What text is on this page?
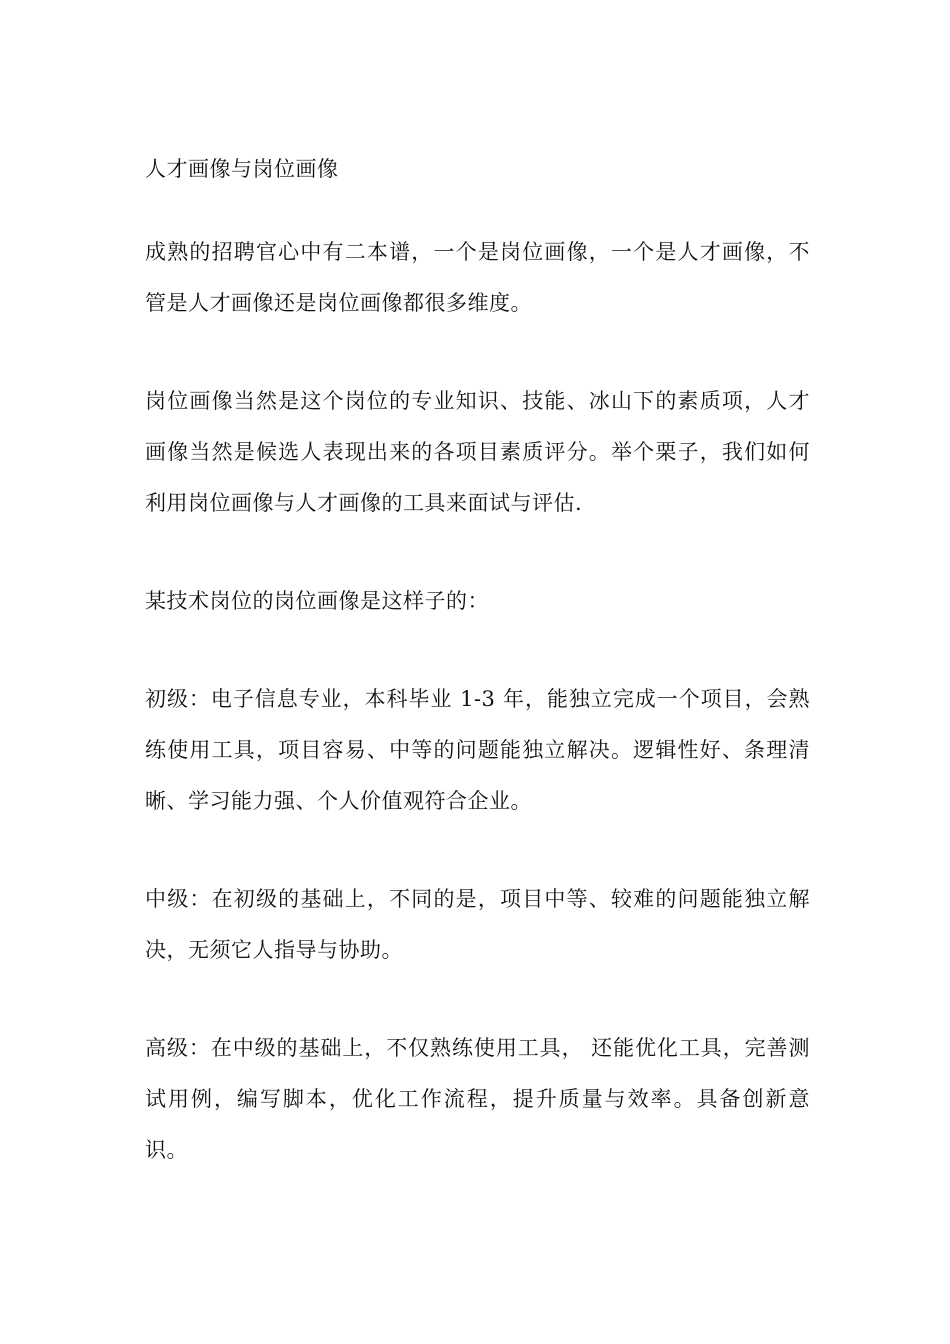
人才画像与岗位画像

成熟的招聘官心中有二本谱，一个是岗位画像，一个是人才画像，不管是人才画像还是岗位画像都很多维度。

岗位画像当然是这个岗位的专业知识、技能、冰山下的素质项，人才画像当然是候选人表现出来的各项目素质评分。举个栗子，我们如何利用岗位画像与人才画像的工具来面试与评估.

某技术岗位的岗位画像是这样子的：

初级：电子信息专业，本科毕业 1-3 年，能独立完成一个项目，会熟练使用工具，项目容易、中等的问题能独立解决。逻辑性好、条理清晰、学习能力强、个人价值观符合企业。

中级：在初级的基础上，不同的是，项目中等、较难的问题能独立解决，无须它人指导与协助。

高级：在中级的基础上，不仅熟练使用工具， 还能优化工具，完善测试用例，编写脚本，优化工作流程，提升质量与效率。具备创新意识。
